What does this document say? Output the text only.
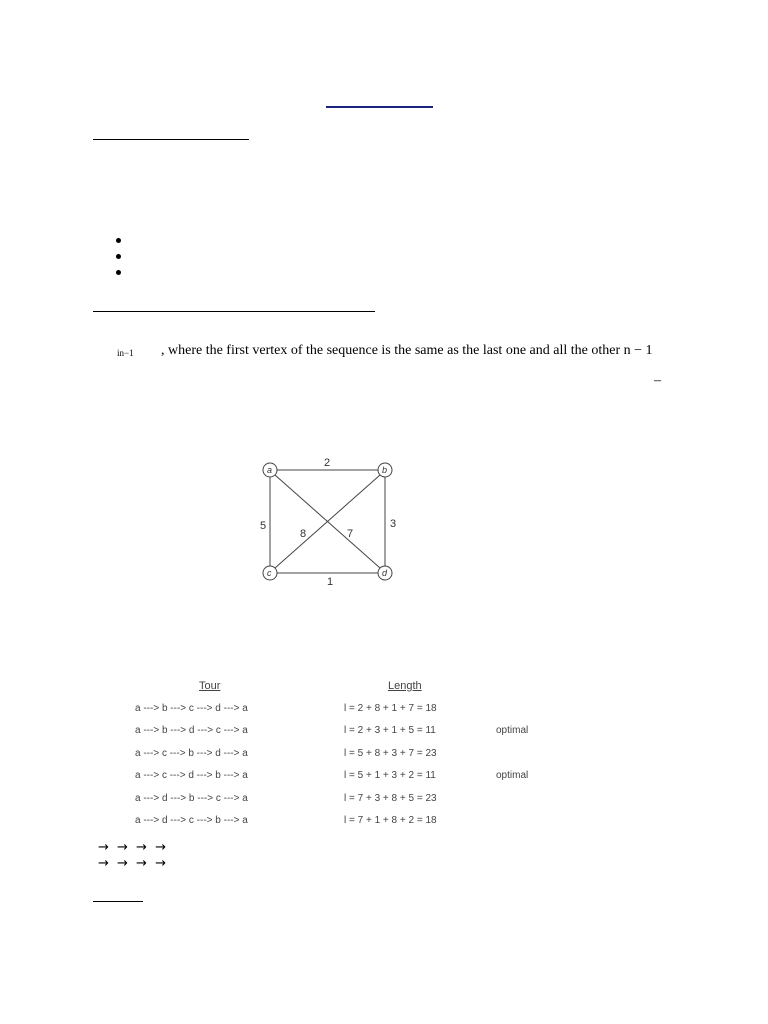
in−1 , where the first vertex of the sequence is the same as the last one and all the other n − 1
–
a	b
c	d
2
5	3
1
8	7
Tour	Length
a ---> b ---> c ---> d ---> a	l = 2 + 8 + 1 + 7 = 18
a ---> b ---> d ---> c ---> a	l = 2 + 3 + 1 + 5 = 11	optimal
a ---> c ---> b ---> d ---> a	l = 5 + 8 + 3 + 7 = 23
a ---> c ---> d ---> b ---> a	l = 5 + 1 + 3 + 2 = 11	optimal
a ---> d ---> b ---> c ---> a	l = 7 + 3 + 8 + 5 = 23
a ---> d ---> c ---> b ---> a	l = 7 + 1 + 8 + 2 = 18
→ → → →
→ → → →
